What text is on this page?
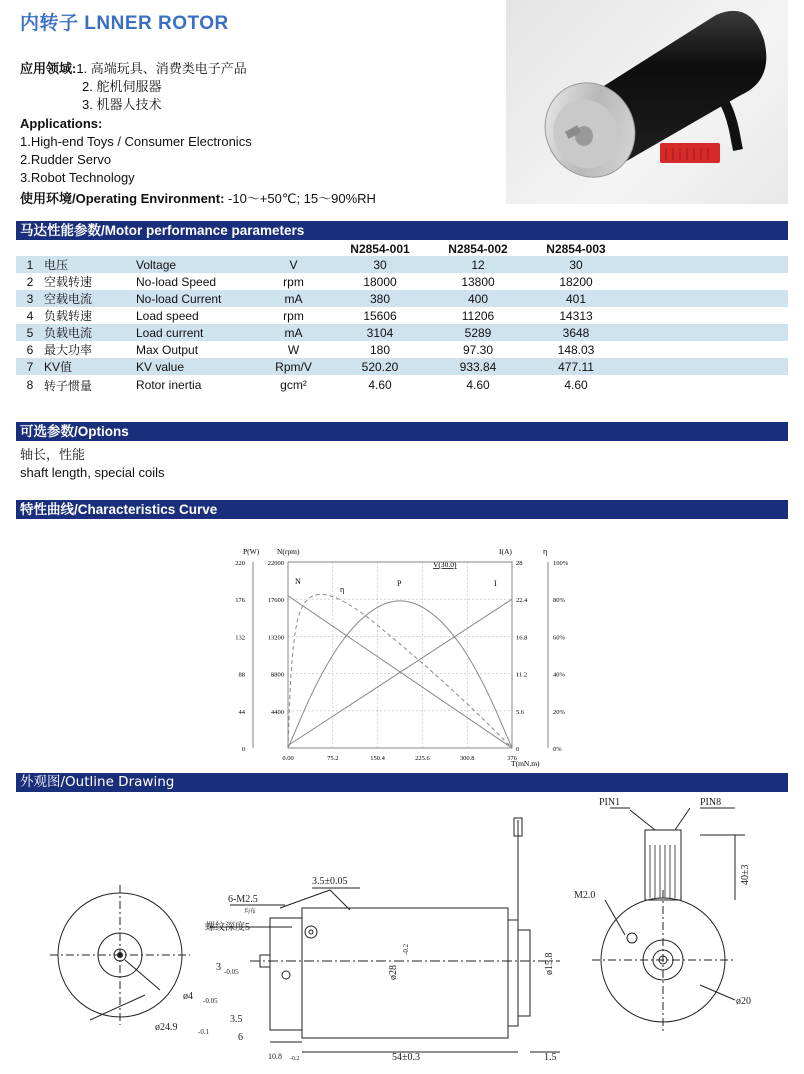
内转子 LNNER ROTOR
应用领域:1. 高端玩具、消费类电子产品
2. 舵机伺服器
3. 机器人技术
Applications:
1.High-end Toys / Consumer Electronics
2.Rudder Servo
3.Robot Technology
使用环境/Operating Environment: -10～+50℃; 15～90%RH
马达性能参数/Motor performance parameters
				N2854-001	N2854-002	N2854-003	
1	电压	Voltage	V	30	12	30	
2	空载转速	No-load Speed	rpm	18000	13800	18200	
3	空载电流	No-load Current	mA	380	400	401	
4	负载转速	Load speed	rpm	15606	11206	14313	
5	负载电流	Load current	mA	3104	5289	3648	
6	最大功率	Max Output	W	180	97.30	148.03	
7	KV值	KV value	Rpm/V	520.20	933.84	477.11	
8	转子惯量	Rotor inertia	gcm²	4.60	4.60	4.60	
可选参数/Options
轴长，性能
shaft length, special coils
特性曲线/Characteristics Curve
P(W) N(rpm)	I(A)	η
V(30.0)
T(mN.m)
220
176
132
88
44
0
22000
17600
13200
8800
4400
28
22.4
16.8
11.2
5.6
0
100%
80%
60%
40%
20%
0%
0.00	75.2	150.4	225.6	300.8	376
N	I
P
η
外观图/Outline Drawing
6-M2.5
均布
螺纹深度5
3.5±0.05
3 -0.05
ø4 -0.05
ø24.9	-0.1
3.5
6
10.8 -0.2	54±0.3	1.5
ø28
-0.2
ø15.8
PIN1	PIN8
M2.0
40±3
ø20
